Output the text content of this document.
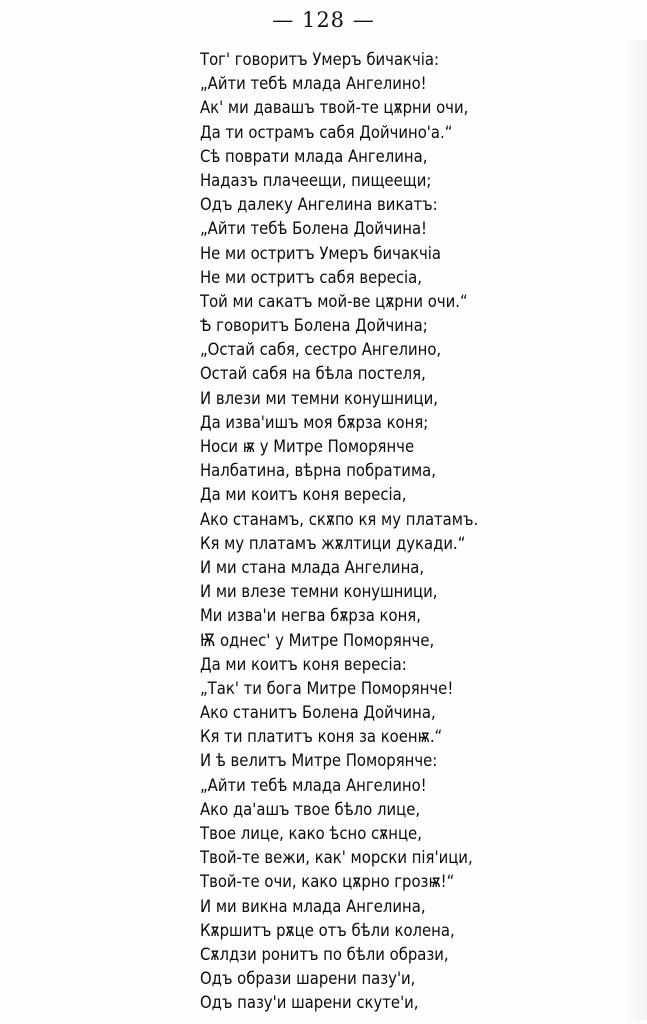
— 128 —
Тог' говоритъ Умеръ бичакчiа:
„Айти тебѣ млада Ангелино!
Ак' ми давашъ твой-те цѫрни очи,
Да ти острамъ сабя Дойчино'а.“
Сѣ поврати млада Ангелина,
Надазъ плачеещи, пищеещи;
Одъ далеку Ангелина викатъ:
„Айти тебѣ Болена Дойчина!
Не ми остритъ Умеръ бичакчiа
Не ми остритъ сабя вересiа,
Той ми сакатъ мой-ве цѫрни очи.“
Ѣ говоритъ Болена Дойчина;
„Остай сабя, сестро Ангелино,
Остай сабя на бѣла постеля,
И влези ми темни конушници,
Да изва'ишъ моя бѫрза коня;
Носи ѭ у Митре Поморянче
Налбатина, вѣрна побратима,
Да ми коитъ коня вересiа,
Ако станамъ, скѫпо кя му платамъ.
Кя му платамъ жѫлтици дукади.“
И ми стана млада Ангелина,
И ми влезе темни конушници,
Ми изва'и негва бѫрза коня,
Ѭ однес' у Митре Поморянче,
Да ми коитъ коня вересiа:
„Так' ти бога Митре Поморянче!
Ако станитъ Болена Дойчина,
Кя ти платитъ коня за коенѭ.“
И ѣ велитъ Митре Поморянче:
„Айти тебѣ млада Ангелино!
Ако да'ашъ твое бѣло лице,
Твое лице, како ѣсно сѫнце,
Твой-те вежи, как' морски пiя'ици,
Твой-те очи, како цѫрно грозѭ!“
И ми викна млада Ангелина,
Кѫршитъ рѫце отъ бѣли колена,
Сѫлдзи ронитъ по бѣли образи,
Одъ образи шарени пазу'и,
Одъ пазу'и шарени скуте'и,
